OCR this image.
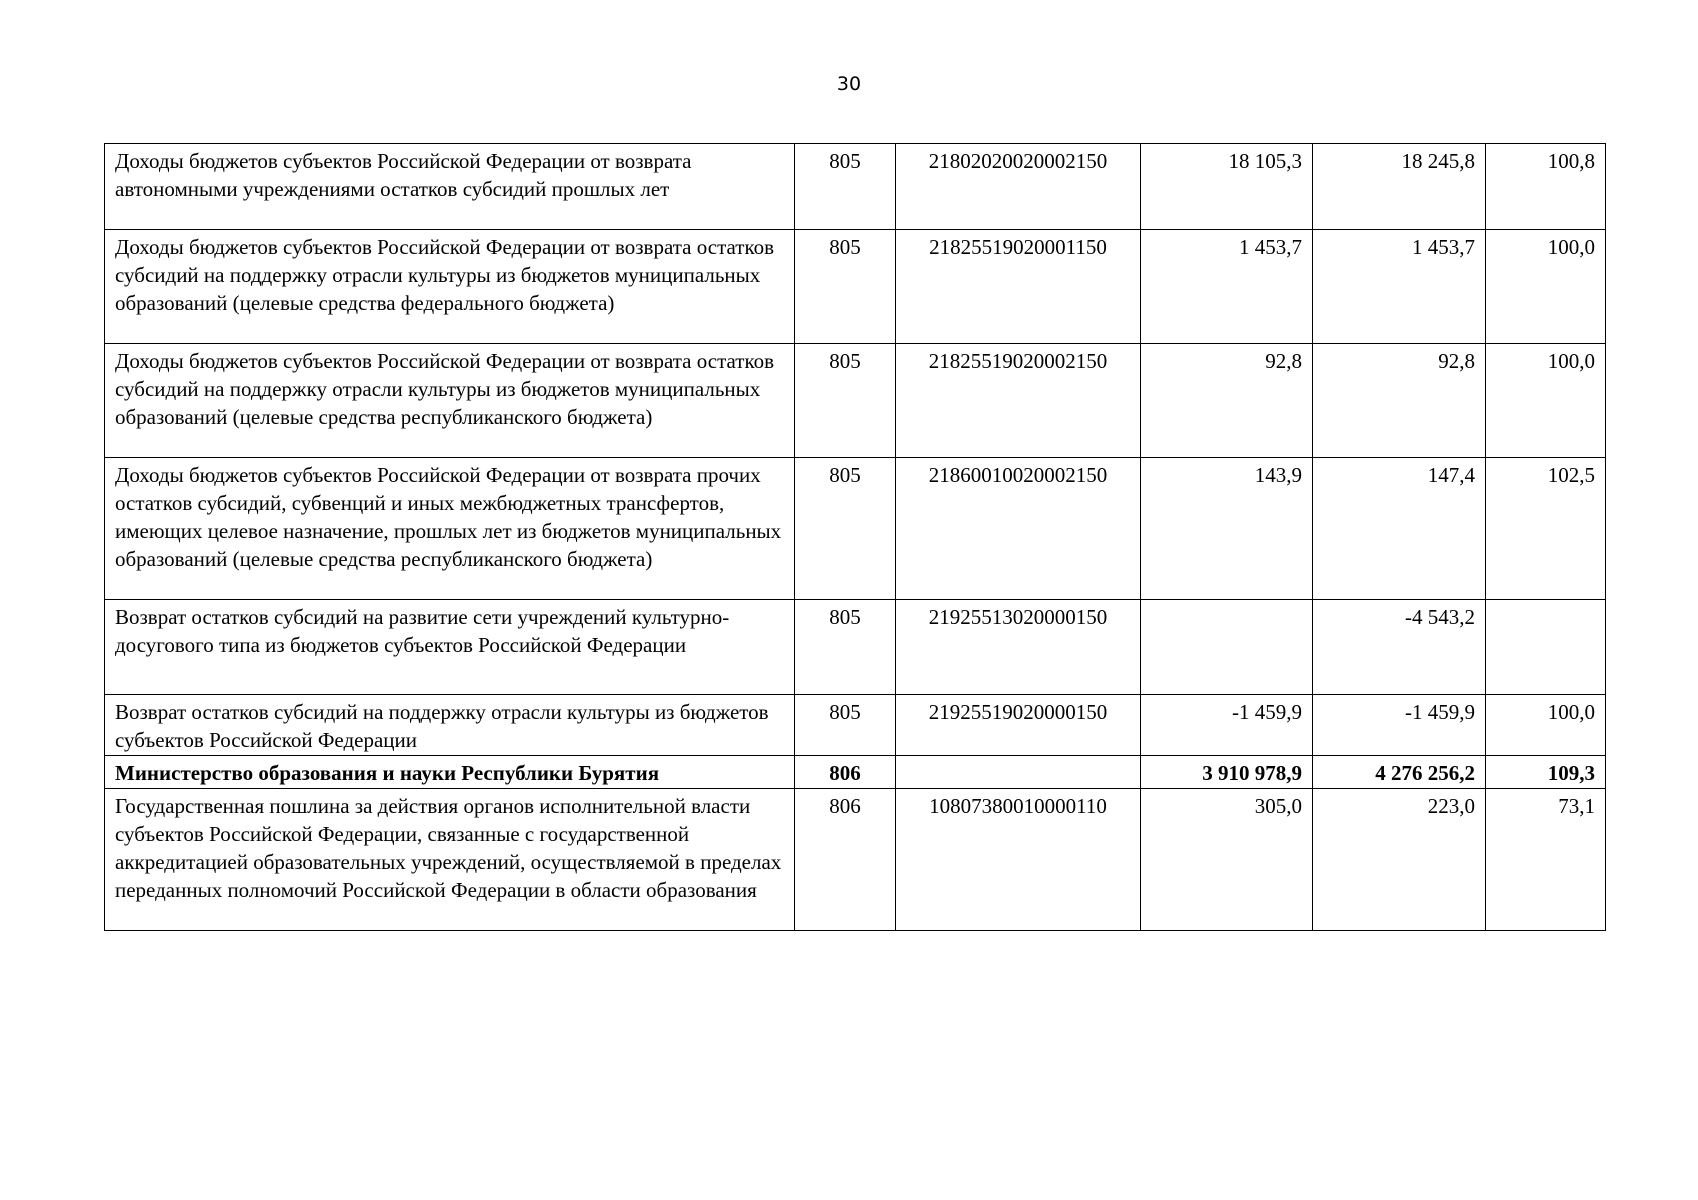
30
Доходы бюджетов субъектов Российской Федерации от возврата автономными учреждениями остатков субсидий прошлых лет	805	21802020020002150	18 105,3	18 245,8	100,8
Доходы бюджетов субъектов Российской Федерации от возврата остатков субсидий на поддержку отрасли культуры из бюджетов муниципальных образований (целевые средства федерального бюджета)	805	21825519020001150	1 453,7	1 453,7	100,0
Доходы бюджетов субъектов Российской Федерации от возврата остатков субсидий на поддержку отрасли культуры из бюджетов муниципальных образований (целевые средства республиканского бюджета)	805	21825519020002150	92,8	92,8	100,0
Доходы бюджетов субъектов Российской Федерации от возврата прочих остатков субсидий, субвенций и иных межбюджетных трансфертов, имеющих целевое назначение, прошлых лет из бюджетов муниципальных образований (целевые средства республиканского бюджета)	805	21860010020002150	143,9	147,4	102,5
Возврат остатков субсидий на развитие сети учреждений культурно-досугового типа из бюджетов субъектов Российской Федерации	805	21925513020000150		-4 543,2	
Возврат остатков субсидий на поддержку отрасли культуры из бюджетов субъектов Российской Федерации	805	21925519020000150	-1 459,9	-1 459,9	100,0
Министерство образования и науки Республики Бурятия	806		3 910 978,9	4 276 256,2	109,3
Государственная пошлина за действия органов исполнительной власти субъектов Российской Федерации, связанные с государственной аккредитацией образовательных учреждений, осуществляемой в пределах переданных полномочий Российской Федерации в области образования	806	10807380010000110	305,0	223,0	73,1
